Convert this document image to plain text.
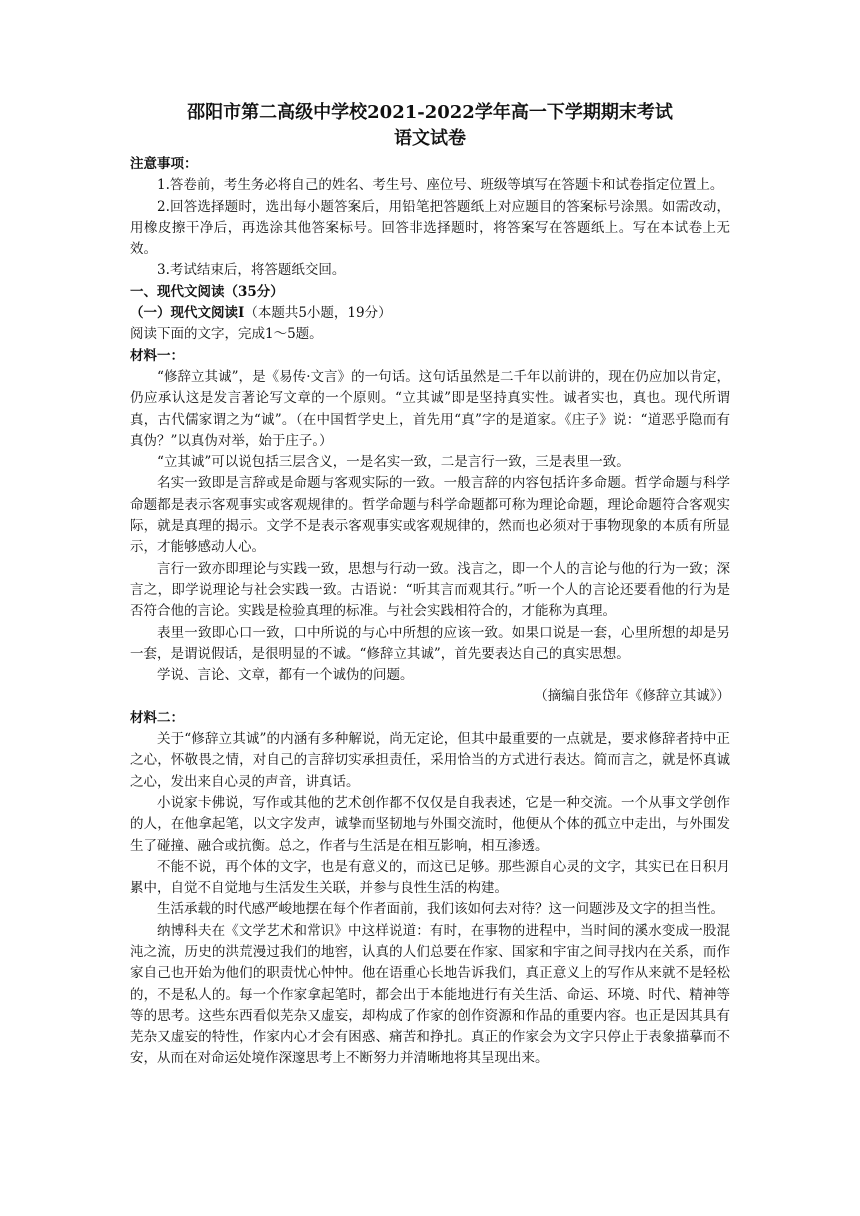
邵阳市第二高级中学校2021-2022学年高一下学期期末考试
语文试卷
注意事项：

1.答卷前，考生务必将自己的姓名、考生号、座位号、班级等填写在答题卡和试卷指定位置上。

2.回答选择题时，选出每小题答案后，用铅笔把答题纸上对应题目的答案标号涂黑。如需改动，用橡皮擦干净后，再选涂其他答案标号。回答非选择题时，将答案写在答题纸上。写在本试卷上无效。

3.考试结束后，将答题纸交回。

一、现代文阅读（35分）
（一）现代文阅读Ⅰ（本题共5小题，19分）
阅读下面的文字，完成1～5题。
材料一：

“修辞立其诚”，是《易传·文言》的一句话。这句话虽然是二千年以前讲的，现在仍应加以肯定，仍应承认这是发言著论写文章的一个原则。“立其诚”即是坚持真实性。诚者实也，真也。现代所谓真，古代儒家谓之为“诚”。（在中国哲学史上，首先用“真”字的是道家。《庄子》说：“道恶乎隐而有真伪？”以真伪对举，始于庄子。）

“立其诚”可以说包括三层含义，一是名实一致，二是言行一致，三是表里一致。

名实一致即是言辞或是命题与客观实际的一致。一般言辞的内容包括许多命题。哲学命题与科学命题都是表示客观事实或客观规律的。哲学命题与科学命题都可称为理论命题，理论命题符合客观实际，就是真理的揭示。文学不是表示客观事实或客观规律的，然而也必须对于事物现象的本质有所显示，才能够感动人心。

言行一致亦即理论与实践一致，思想与行动一致。浅言之，即一个人的言论与他的行为一致；深言之，即学说理论与社会实践一致。古语说：“听其言而观其行。”听一个人的言论还要看他的行为是否符合他的言论。实践是检验真理的标准。与社会实践相符合的，才能称为真理。

表里一致即心口一致，口中所说的与心中所想的应该一致。如果口说是一套，心里所想的却是另一套，是谓说假话，是很明显的不诚。“修辞立其诚”，首先要表达自己的真实思想。

学说、言论、文章，都有一个诚伪的问题。

（摘编自张岱年《修辞立其诚》）

材料二：

关于“修辞立其诚”的内涵有多种解说，尚无定论，但其中最重要的一点就是，要求修辞者持中正之心，怀敬畏之情，对自己的言辞切实承担责任，采用恰当的方式进行表达。简而言之，就是怀真诚之心，发出来自心灵的声音，讲真话。

小说家卡佛说，写作或其他的艺术创作都不仅仅是自我表述，它是一种交流。一个从事文学创作的人，在他拿起笔，以文字发声，诚挚而坚韧地与外围交流时，他便从个体的孤立中走出，与外围发生了碰撞、融合或抗衡。总之，作者与生活是在相互影响，相互渗透。

不能不说，再个体的文字，也是有意义的，而这已足够。那些源自心灵的文字，其实已在日积月累中，自觉不自觉地与生活发生关联，并参与良性生活的构建。

生活承载的时代感严峻地摆在每个作者面前，我们该如何去对待？这一问题涉及文字的担当性。

纳博科夫在《文学艺术和常识》中这样说道：有时，在事物的进程中，当时间的溪水变成一股混沌之流，历史的洪荒漫过我们的地窖，认真的人们总要在作家、国家和宇宙之间寻找内在关系，而作家自己也开始为他们的职责忧心忡忡。他在语重心长地告诉我们，真正意义上的写作从来就不是轻松的，不是私人的。每一个作家拿起笔时，都会出于本能地进行有关生活、命运、环境、时代、精神等等的思考。这些东西看似芜杂又虚妄，却构成了作家的创作资源和作品的重要内容。也正是因其具有芜杂又虚妄的特性，作家内心才会有困惑、痛苦和挣扎。真正的作家会为文字只停止于表象描摹而不安，从而在对命运处境作深邃思考上不断努力并清晰地将其呈现出来。
